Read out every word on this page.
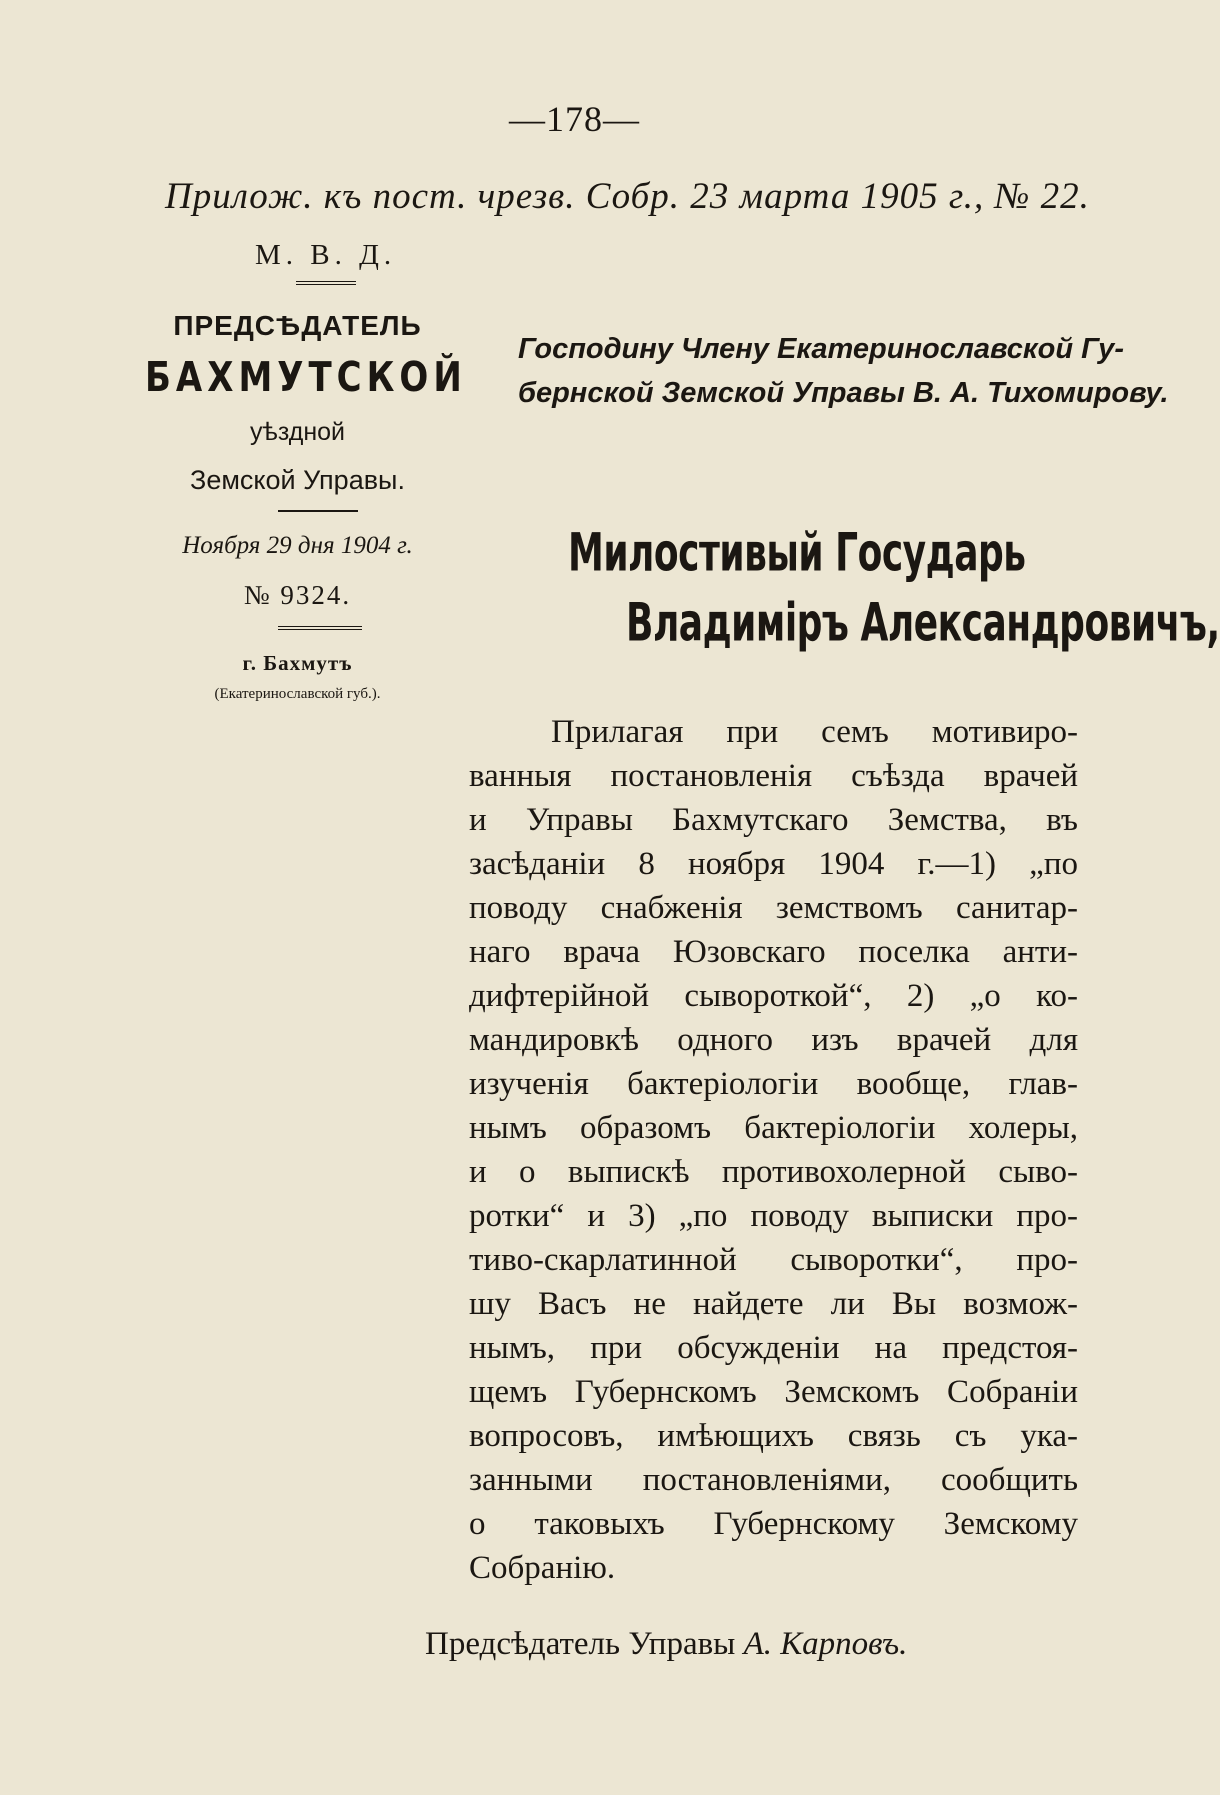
—178—
Прилож. къ пост. чрезв. Собр. 23 марта 1905 г., № 22.
М. В. Д.
ПРЕДСѢДАТЕЛЬ
БАХМУТСКОЙ
уѣздной
Земской Управы.
Ноября 29 дня 1904 г.
№ 9324.
г. Бахмутъ
(Екатеринославской губ.).
Господину Члену Екатеринославской Гу-
бернской Земской Управы В. А. Тихомирову.
Милостивый Государь
Владиміръ Александровичъ,
Прилагая при семъ мотивиро-
ванныя постановленія съѣзда врачей
и Управы Бахмутскаго Земства, въ
засѣданіи 8 ноября 1904 г.—1) „по
поводу снабженія земствомъ санитар-
наго врача Юзовскаго поселка анти-
дифтерійной сывороткой“, 2) „о ко-
мандировкѣ одного изъ врачей для
изученія бактеріологіи вообще, глав-
нымъ образомъ бактеріологіи холеры,
и о выпискѣ противохолерной сыво-
ротки“ и 3) „по поводу выписки про-
тиво-скарлатинной сыворотки“, про-
шу Васъ не найдете ли Вы возмож-
нымъ, при обсужденіи на предстоя-
щемъ Губернскомъ Земскомъ Собраніи
вопросовъ, имѣющихъ связь съ ука-
занными постановленіями, сообщить
о таковыхъ Губернскому Земскому
Собранію.
Предсѣдатель Управы А. Карповъ.
